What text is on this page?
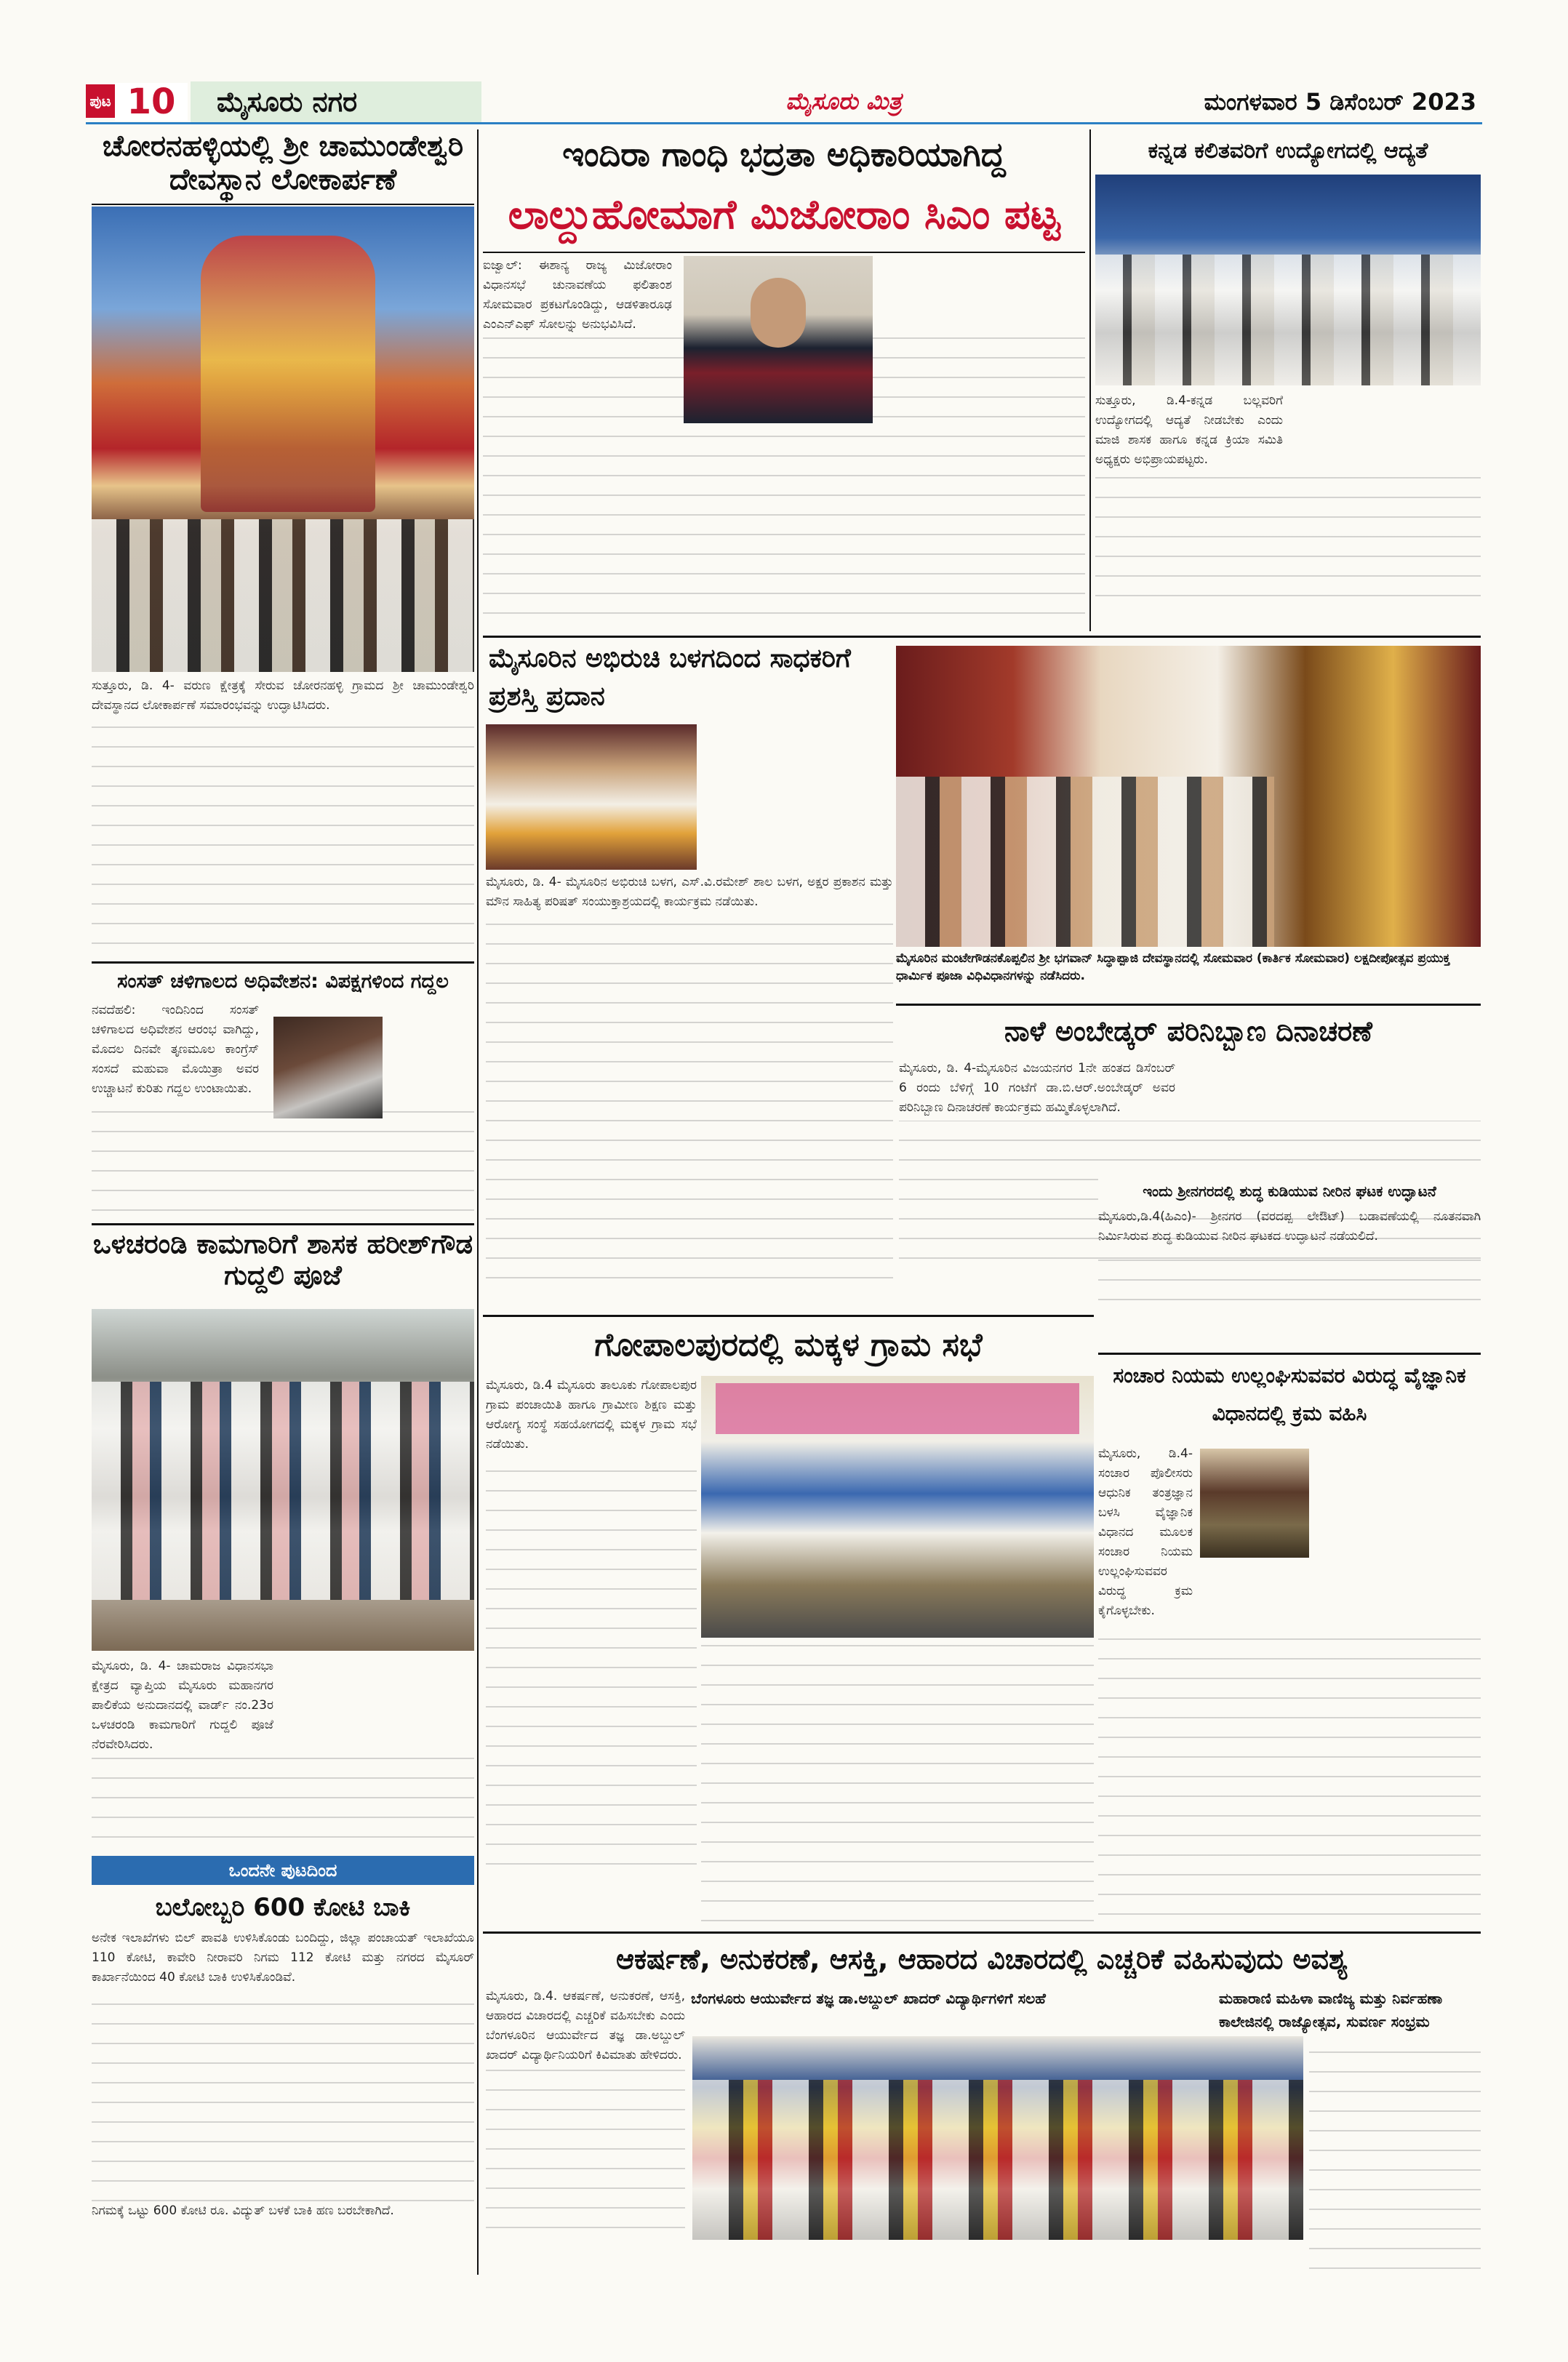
ಪುಟ 10	ಮೈಸೂರು ನಗರ	ಮೈಸೂರು ಮಿತ್ರ	ಮಂಗಳವಾರ 5 ಡಿಸೆಂಬರ್ 2023
ಚೋರನಹಳ್ಳಿಯಲ್ಲಿ ಶ್ರೀ ಚಾಮುಂಡೇಶ್ವರಿ ದೇವಸ್ಥಾನ ಲೋಕಾರ್ಪಣೆ
ಸುತ್ತೂರು, ಡಿ. 4- ವರುಣ ಕ್ಷೇತ್ರಕ್ಕೆ ಸೇರುವ ಚೋರನಹಳ್ಳಿ ಗ್ರಾಮದ ಶ್ರೀ ಚಾಮುಂಡೇಶ್ವರಿ ದೇವಸ್ಥಾನದ ಲೋಕಾರ್ಪಣೆ ಸಮಾರಂಭವನ್ನು ಉದ್ಘಾಟಿಸಿದರು.
ಸಂಸತ್ ಚಳಿಗಾಲದ ಅಧಿವೇಶನ: ವಿಪಕ್ಷಗಳಿಂದ ಗದ್ದಲ
ನವದೆಹಲಿ: ಇಂದಿನಿಂದ ಸಂಸತ್ ಚಳಿಗಾಲದ ಅಧಿವೇಶನ ಆರಂಭ ವಾಗಿದ್ದು, ಮೊದಲ ದಿನವೇ ತೃಣಮೂಲ ಕಾಂಗ್ರೆಸ್ ಸಂಸದೆ ಮಹುವಾ ಮೊಯಿತ್ರಾ ಅವರ ಉಚ್ಚಾಟನೆ ಕುರಿತು ಗದ್ದಲ ಉಂಟಾಯಿತು.
ಒಳಚರಂಡಿ ಕಾಮಗಾರಿಗೆ ಶಾಸಕ ಹರೀಶ್‌ಗೌಡ ಗುದ್ದಲಿ ಪೂಜೆ
ಮೈಸೂರು, ಡಿ. 4- ಚಾಮರಾಜ ವಿಧಾನಸಭಾ ಕ್ಷೇತ್ರದ ವ್ಯಾಪ್ತಿಯ ಮೈಸೂರು ಮಹಾನಗರ ಪಾಲಿಕೆಯ ಅನುದಾನದಲ್ಲಿ ವಾರ್ಡ್ ನಂ.23ರ ಒಳಚರಂಡಿ ಕಾಮಗಾರಿಗೆ ಗುದ್ದಲಿ ಪೂಜೆ ನೆರವೇರಿಸಿದರು.
ಒಂದನೇ ಪುಟದಿಂದ
ಬಲೋಬ್ಬರಿ 600 ಕೋಟಿ ಬಾಕಿ
ಅನೇಕ ಇಲಾಖೆಗಳು ಬಿಲ್ ಪಾವತಿ ಉಳಿಸಿಕೊಂಡು ಬಂದಿದ್ದು, ಜಿಲ್ಲಾ ಪಂಚಾಯತ್ ಇಲಾಖೆಯೂ 110 ಕೋಟಿ, ಕಾವೇರಿ ನೀರಾವರಿ ನಿಗಮ 112 ಕೋಟಿ ಮತ್ತು ನಗರದ ಮೈಸೂರ್ ಕಾರ್ಖಾನೆಯಿಂದ 40 ಕೋಟಿ ಬಾಕಿ ಉಳಿಸಿಕೊಂಡಿವೆ.
ನಿಗಮಕ್ಕೆ ಒಟ್ಟು 600 ಕೋಟಿ ರೂ. ವಿದ್ಯುತ್ ಬಳಕೆ ಬಾಕಿ ಹಣ ಬರಬೇಕಾಗಿದೆ.
ಇಂದಿರಾ ಗಾಂಧಿ ಭದ್ರತಾ ಅಧಿಕಾರಿಯಾಗಿದ್ದ
ಲಾಲ್ದುಹೋಮಾಗೆ ಮಿಜೋರಾಂ ಸಿಎಂ ಪಟ್ಟ
ಐಜ್ವಾಲ್: ಈಶಾನ್ಯ ರಾಜ್ಯ ಮಿಜೋರಾಂ ವಿಧಾನಸಭೆ ಚುನಾವಣೆಯ ಫಲಿತಾಂಶ ಸೋಮವಾರ ಪ್ರಕಟಗೊಂಡಿದ್ದು, ಆಡಳಿತಾರೂಢ ಎಂಎನ್‌ಎಫ್ ಸೋಲನ್ನು ಅನುಭವಿಸಿದೆ.
ಕನ್ನಡ ಕಲಿತವರಿಗೆ ಉದ್ಯೋಗದಲ್ಲಿ ಆದ್ಯತೆ
ಸುತ್ತೂರು, ಡಿ.4-ಕನ್ನಡ ಬಲ್ಲವರಿಗೆ ಉದ್ಯೋಗದಲ್ಲಿ ಆದ್ಯತೆ ನೀಡಬೇಕು ಎಂದು ಮಾಜಿ ಶಾಸಕ ಹಾಗೂ ಕನ್ನಡ ಕ್ರಿಯಾ ಸಮಿತಿ ಅಧ್ಯಕ್ಷರು ಅಭಿಪ್ರಾಯಪಟ್ಟರು.
ಮೈಸೂರಿನ ಅಭಿರುಚಿ ಬಳಗದಿಂದ ಸಾಧಕರಿಗೆ ಪ್ರಶಸ್ತಿ ಪ್ರದಾನ
ಮೈಸೂರು, ಡಿ. 4- ಮೈಸೂರಿನ ಅಭಿರುಚಿ ಬಳಗ, ಎಸ್.ವಿ.ರಮೇಶ್ ಶಾಲ ಬಳಗ, ಅಕ್ಷರ ಪ್ರಕಾಶನ ಮತ್ತು ಮೌನ ಸಾಹಿತ್ಯ ಪರಿಷತ್ ಸಂಯುಕ್ತಾಶ್ರಯದಲ್ಲಿ ಕಾರ್ಯಕ್ರಮ ನಡೆಯಿತು.
ಮೈಸೂರಿನ ಮಂಟೇಗೌಡನಕೊಪ್ಪಲಿನ ಶ್ರೀ ಭಗವಾನ್ ಸಿದ್ಧಾಪ್ಪಾಜಿ ದೇವಸ್ಥಾನದಲ್ಲಿ ಸೋಮವಾರ (ಕಾರ್ತಿಕ ಸೋಮವಾರ) ಲಕ್ಷದೀಪೋತ್ಸವ ಪ್ರಯುಕ್ತ ಧಾರ್ಮಿಕ ಪೂಜಾ ವಿಧಿವಿಧಾನಗಳನ್ನು ನಡೆಸಿದರು.
ನಾಳೆ ಅಂಬೇಡ್ಕರ್ ಪರಿನಿಬ್ಬಾಣ ದಿನಾಚರಣೆ
ಮೈಸೂರು, ಡಿ. 4-ಮೈಸೂರಿನ ವಿಜಯನಗರ 1ನೇ ಹಂತದ ಡಿಸೆಂಬರ್ 6 ರಂದು ಬೆಳಿಗ್ಗೆ 10 ಗಂಟೆಗೆ ಡಾ.ಬಿ.ಆರ್.ಅಂಬೇಡ್ಕರ್ ಅವರ ಪರಿನಿಬ್ಬಾಣ ದಿನಾಚರಣೆ ಕಾರ್ಯಕ್ರಮ ಹಮ್ಮಿಕೊಳ್ಳಲಾಗಿದೆ.
ಇಂದು ಶ್ರೀನಗರದಲ್ಲಿ ಶುದ್ಧ ಕುಡಿಯುವ ನೀರಿನ ಘಟಕ ಉದ್ಘಾಟನೆ
ಮೈಸೂರು,ಡಿ.4(ಹಿಎಂ)- ಶ್ರೀನಗರ (ವರದಪ್ಪ ಲೇಔಟ್) ಬಡಾವಣೆಯಲ್ಲಿ ನೂತನವಾಗಿ ನಿರ್ಮಿಸಿರುವ ಶುದ್ಧ ಕುಡಿಯುವ ನೀರಿನ ಘಟಕದ ಉದ್ಘಾಟನೆ ನಡೆಯಲಿದೆ.
ಗೋಪಾಲಪುರದಲ್ಲಿ ಮಕ್ಕಳ ಗ್ರಾಮ ಸಭೆ
ಮೈಸೂರು, ಡಿ.4 ಮೈಸೂರು ತಾಲೂಕು ಗೋಪಾಲಪುರ ಗ್ರಾಮ ಪಂಚಾಯಿತಿ ಹಾಗೂ ಗ್ರಾಮೀಣ ಶಿಕ್ಷಣ ಮತ್ತು ಆರೋಗ್ಯ ಸಂಸ್ಥೆ ಸಹಯೋಗದಲ್ಲಿ ಮಕ್ಕಳ ಗ್ರಾಮ ಸಭೆ ನಡೆಯಿತು.
ಸಂಚಾರ ನಿಯಮ ಉಲ್ಲಂಘಿಸುವವರ ವಿರುದ್ಧ ವೈಜ್ಞಾನಿಕ ವಿಧಾನದಲ್ಲಿ ಕ್ರಮ ವಹಿಸಿ
ಮೈಸೂರು, ಡಿ.4-ಸಂಚಾರ ಪೊಲೀಸರು ಆಧುನಿಕ ತಂತ್ರಜ್ಞಾನ ಬಳಸಿ ವೈಜ್ಞಾನಿಕ ವಿಧಾನದ ಮೂಲಕ ಸಂಚಾರ ನಿಯಮ ಉಲ್ಲಂಘಿಸುವವರ ವಿರುದ್ಧ ಕ್ರಮ ಕೈಗೊಳ್ಳಬೇಕು.
ಆಕರ್ಷಣೆ, ಅನುಕರಣೆ, ಆಸಕ್ತಿ, ಆಹಾರದ ವಿಚಾರದಲ್ಲಿ ಎಚ್ಚರಿಕೆ ವಹಿಸುವುದು ಅವಶ್ಯ
ಮೈಸೂರು, ಡಿ.4. ಆಕರ್ಷಣೆ, ಅನುಕರಣೆ, ಆಸಕ್ತಿ, ಆಹಾರದ ವಿಚಾರದಲ್ಲಿ ಎಚ್ಚರಿಕೆ ವಹಿಸಬೇಕು ಎಂದು ಬೆಂಗಳೂರಿನ ಆಯುರ್ವೇದ ತಜ್ಞ ಡಾ.ಅಬ್ದುಲ್ ಖಾದರ್ ವಿದ್ಯಾರ್ಥಿನಿಯರಿಗೆ ಕಿವಿಮಾತು ಹೇಳಿದರು.
ಬೆಂಗಳೂರು ಆಯುರ್ವೇದ ತಜ್ಞ ಡಾ.ಅಬ್ದುಲ್ ಖಾದರ್ ವಿದ್ಯಾರ್ಥಿಗಳಿಗೆ ಸಲಹೆ	ಮಹಾರಾಣಿ ಮಹಿಳಾ ವಾಣಿಜ್ಯ ಮತ್ತು ನಿರ್ವಹಣಾ ಕಾಲೇಜಿನಲ್ಲಿ ರಾಜ್ಯೋತ್ಸವ, ಸುವರ್ಣ ಸಂಭ್ರಮ
